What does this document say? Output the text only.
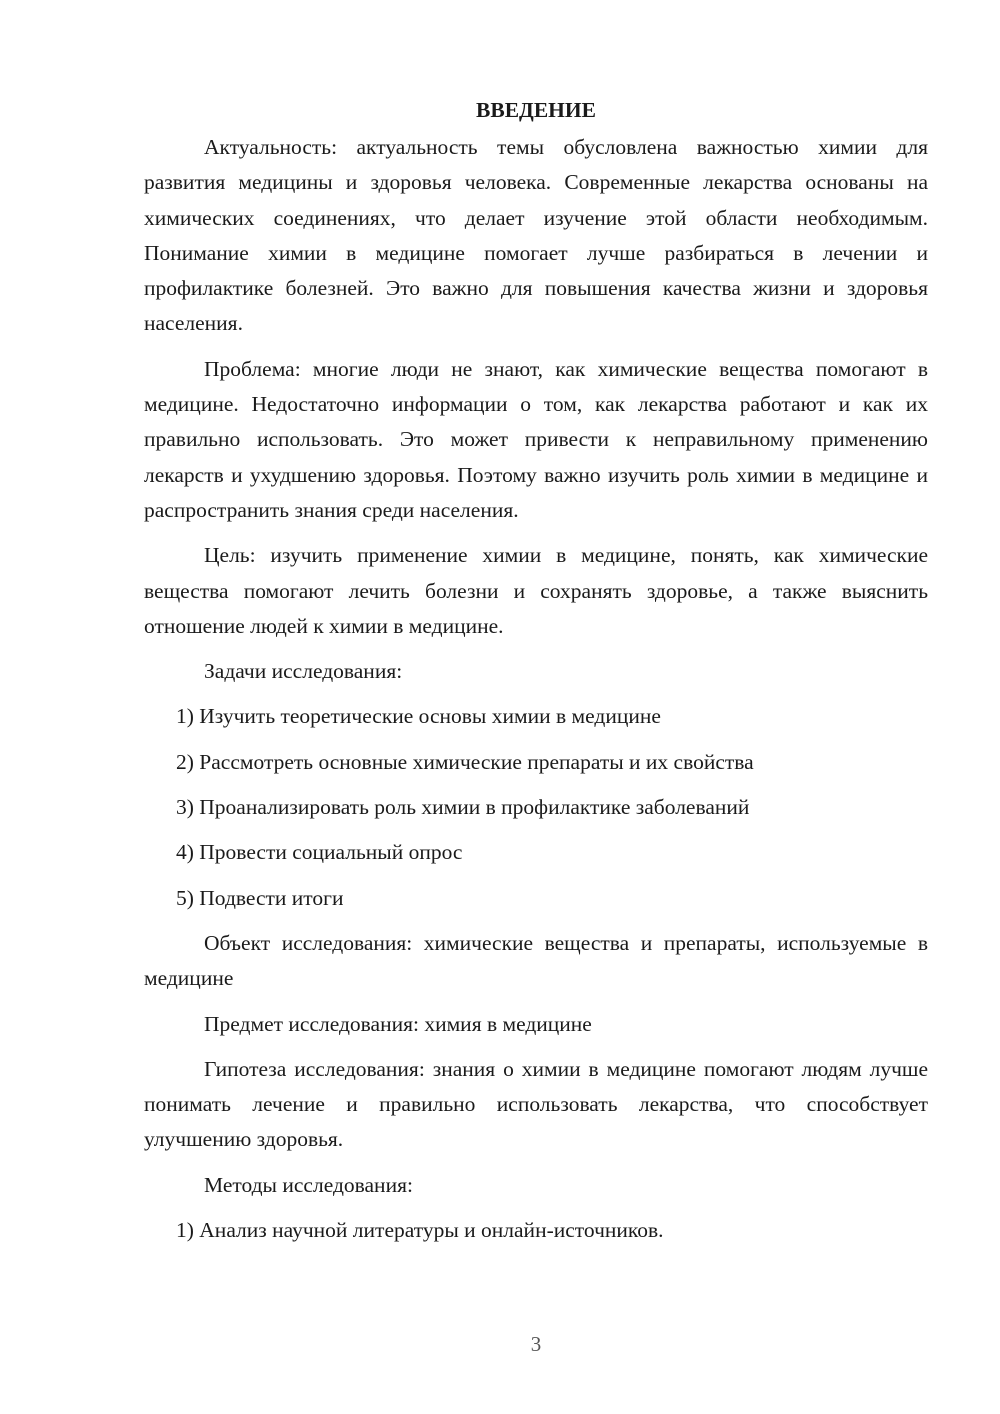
ВВЕДЕНИЕ

Актуальность: актуальность темы обусловлена важностью химии для развития медицины и здоровья человека. Современные лекарства основаны на химических соединениях, что делает изучение этой области необходимым. Понимание химии в медицине помогает лучше разбираться в лечении и профилактике болезней. Это важно для повышения качества жизни и здоровья населения.

Проблема: многие люди не знают, как химические вещества помогают в медицине. Недостаточно информации о том, как лекарства работают и как их правильно использовать. Это может привести к неправильному применению лекарств и ухудшению здоровья. Поэтому важно изучить роль химии в медицине и распространить знания среди населения.

Цель: изучить применение химии в медицине, понять, как химические вещества помогают лечить болезни и сохранять здоровье, а также выяснить отношение людей к химии в медицине.

Задачи исследования:

1) Изучить теоретические основы химии в медицине

2) Рассмотреть основные химические препараты и их свойства

3) Проанализировать роль химии в профилактике заболеваний

4) Провести социальный опрос

5) Подвести итоги

Объект исследования: химические вещества и препараты, используемые в медицине

Предмет исследования: химия в медицине

Гипотеза исследования: знания о химии в медицине помогают людям лучше понимать лечение и правильно использовать лекарства, что способствует улучшению здоровья.

Методы исследования:

1) Анализ научной литературы и онлайн-источников.

3
